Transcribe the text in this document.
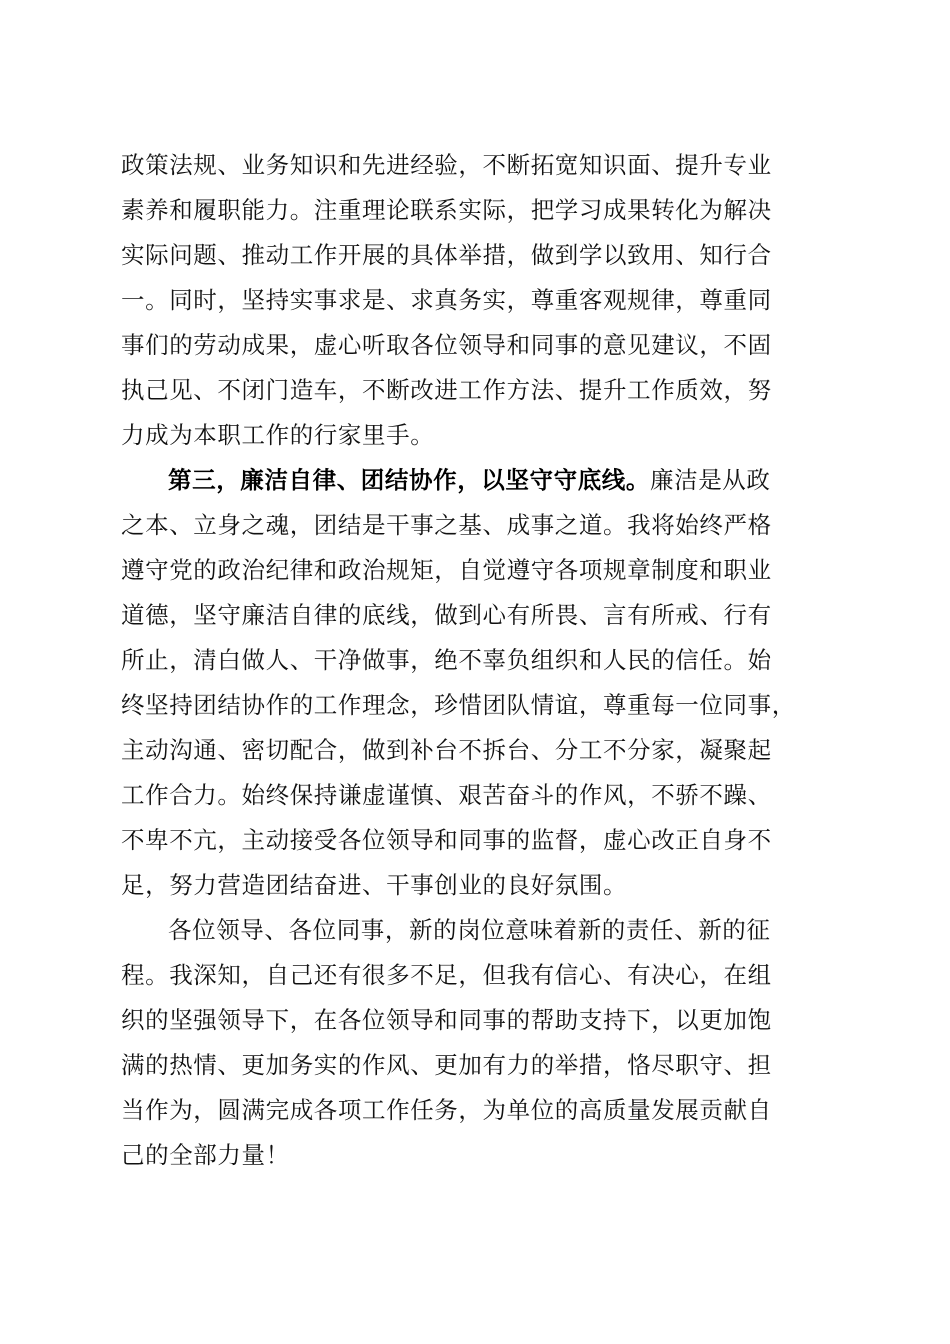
政策法规、业务知识和先进经验，不断拓宽知识面、提升专业
素养和履职能力。注重理论联系实际，把学习成果转化为解决
实际问题、推动工作开展的具体举措，做到学以致用、知行合
一。同时，坚持实事求是、求真务实，尊重客观规律，尊重同
事们的劳动成果，虚心听取各位领导和同事的意见建议，不固
执己见、不闭门造车，不断改进工作方法、提升工作质效，努
力成为本职工作的行家里手。
第三，廉洁自律、团结协作，以坚守守底线。廉洁是从政
之本、立身之魂，团结是干事之基、成事之道。我将始终严格
遵守党的政治纪律和政治规矩，自觉遵守各项规章制度和职业
道德，坚守廉洁自律的底线，做到心有所畏、言有所戒、行有
所止，清白做人、干净做事，绝不辜负组织和人民的信任。始
终坚持团结协作的工作理念，珍惜团队情谊，尊重每一位同事，
主动沟通、密切配合，做到补台不拆台、分工不分家，凝聚起
工作合力。始终保持谦虚谨慎、艰苦奋斗的作风，不骄不躁、
不卑不亢，主动接受各位领导和同事的监督，虚心改正自身不
足，努力营造团结奋进、干事创业的良好氛围。
各位领导、各位同事，新的岗位意味着新的责任、新的征
程。我深知，自己还有很多不足，但我有信心、有决心，在组
织的坚强领导下，在各位领导和同事的帮助支持下，以更加饱
满的热情、更加务实的作风、更加有力的举措，恪尽职守、担
当作为，圆满完成各项工作任务，为单位的高质量发展贡献自
己的全部力量！
